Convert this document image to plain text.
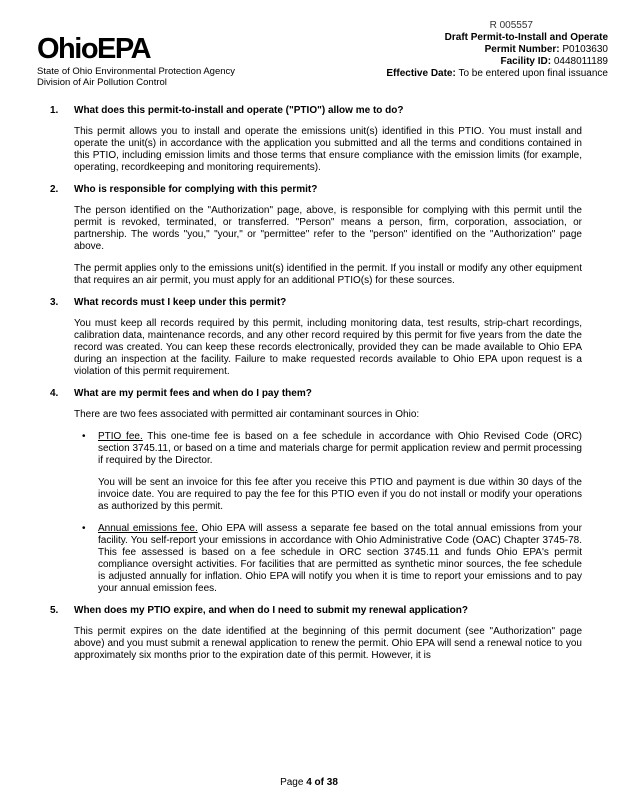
R 005557
OhioEPA
State of Ohio Environmental Protection Agency
Division of Air Pollution Control
Draft Permit-to-Install and Operate
Permit Number: P0103630
Facility ID: 0448011189
Effective Date: To be entered upon final issuance
1.	What does this permit-to-install and operate ("PTIO") allow me to do?
This permit allows you to install and operate the emissions unit(s) identified in this PTIO. You must install and operate the unit(s) in accordance with the application you submitted and all the terms and conditions contained in this PTIO, including emission limits and those terms that ensure compliance with the emission limits (for example, operating, recordkeeping and monitoring requirements).
2.	Who is responsible for complying with this permit?
The person identified on the "Authorization" page, above, is responsible for complying with this permit until the permit is revoked, terminated, or transferred. "Person" means a person, firm, corporation, association, or partnership. The words "you," "your," or "permittee" refer to the "person" identified on the "Authorization" page above.
The permit applies only to the emissions unit(s) identified in the permit. If you install or modify any other equipment that requires an air permit, you must apply for an additional PTIO(s) for these sources.
3.	What records must I keep under this permit?
You must keep all records required by this permit, including monitoring data, test results, strip-chart recordings, calibration data, maintenance records, and any other record required by this permit for five years from the date the record was created. You can keep these records electronically, provided they can be made available to Ohio EPA during an inspection at the facility. Failure to make requested records available to Ohio EPA upon request is a violation of this permit requirement.
4.	What are my permit fees and when do I pay them?
There are two fees associated with permitted air contaminant sources in Ohio:
•	PTIO fee. This one-time fee is based on a fee schedule in accordance with Ohio Revised Code (ORC) section 3745.11, or based on a time and materials charge for permit application review and permit processing if required by the Director.
You will be sent an invoice for this fee after you receive this PTIO and payment is due within 30 days of the invoice date. You are required to pay the fee for this PTIO even if you do not install or modify your operations as authorized by this permit.
•	Annual emissions fee. Ohio EPA will assess a separate fee based on the total annual emissions from your facility. You self-report your emissions in accordance with Ohio Administrative Code (OAC) Chapter 3745-78. This fee assessed is based on a fee schedule in ORC section 3745.11 and funds Ohio EPA's permit compliance oversight activities. For facilities that are permitted as synthetic minor sources, the fee schedule is adjusted annually for inflation. Ohio EPA will notify you when it is time to report your emissions and to pay your annual emission fees.
5.	When does my PTIO expire, and when do I need to submit my renewal application?
This permit expires on the date identified at the beginning of this permit document (see "Authorization" page above) and you must submit a renewal application to renew the permit. Ohio EPA will send a renewal notice to you approximately six months prior to the expiration date of this permit. However, it is
Page 4 of 38
